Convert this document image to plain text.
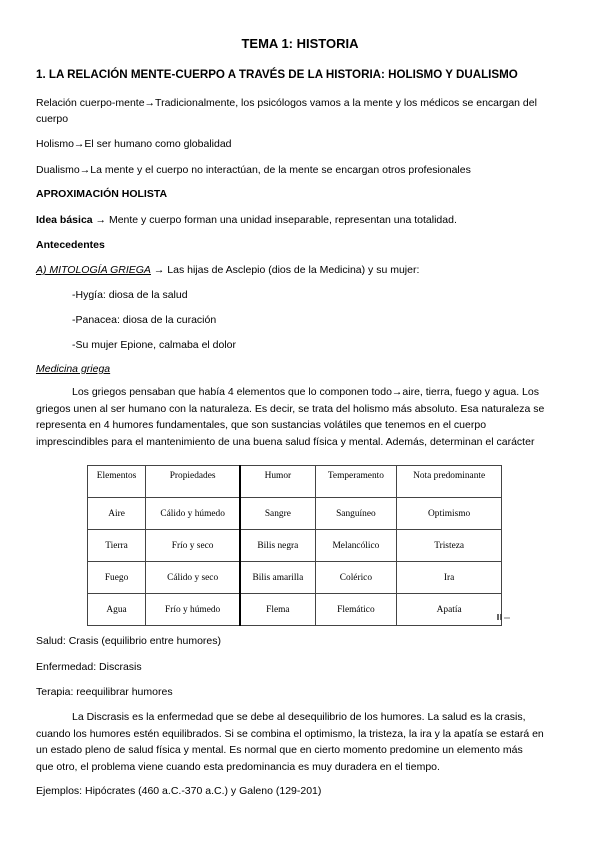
TEMA 1: HISTORIA
1. LA RELACIÓN MENTE-CUERPO A TRAVÉS DE LA HISTORIA: HOLISMO Y DUALISMO
Relación cuerpo-mente→Tradicionalmente, los psicólogos vamos a la mente y los médicos se encargan del
cuerpo
Holismo→El ser humano como globalidad
Dualismo→La mente y el cuerpo no interactúan, de la mente se encargan otros profesionales
APROXIMACIÓN HOLISTA
Idea básica → Mente y cuerpo forman una unidad inseparable, representan una totalidad.
Antecedentes
A) MITOLOGÍA GRIEGA → Las hijas de Asclepio (dios de la Medicina) y su mujer:
-Hygía: diosa de la salud
-Panacea: diosa de la curación
-Su mujer Epione, calmaba el dolor
Medicina griega
Los griegos pensaban que había 4 elementos que lo componen todo→aire, tierra, fuego y agua. Los
griegos unen al ser humano con la naturaleza. Es decir, se trata del holismo más absoluto. Esa naturaleza se
representa en 4 humores fundamentales, que son sustancias volátiles que tenemos en el cuerpo
imprescindibles para el mantenimiento de una buena salud física y mental. Además, determinan el carácter
Elementos	Propiedades	Humor	Temperamento	Nota predominante
Aire	Cálido y húmedo	Sangre	Sanguíneo	Optimismo
Tierra	Frío y seco	Bilis negra	Melancólico	Tristeza
Fuego	Cálido y seco	Bilis amarilla	Colérico	Ira
Agua	Frío y húmedo	Flema	Flemático	Apatía
Salud: Crasis (equilibrio entre humores)
Enfermedad: Discrasis
Terapia: reequilibrar humores
La Discrasis es la enfermedad que se debe al desequilibrio de los humores. La salud es la crasis,
cuando los humores estén equilibrados. Si se combina el optimismo, la tristeza, la ira y la apatía se estará en
un estado pleno de salud física y mental. Es normal que en cierto momento predomine un elemento más
que otro, el problema viene cuando esta predominancia es muy duradera en el tiempo.
Ejemplos: Hipócrates (460 a.C.-370 a.C.) y Galeno (129-201)
